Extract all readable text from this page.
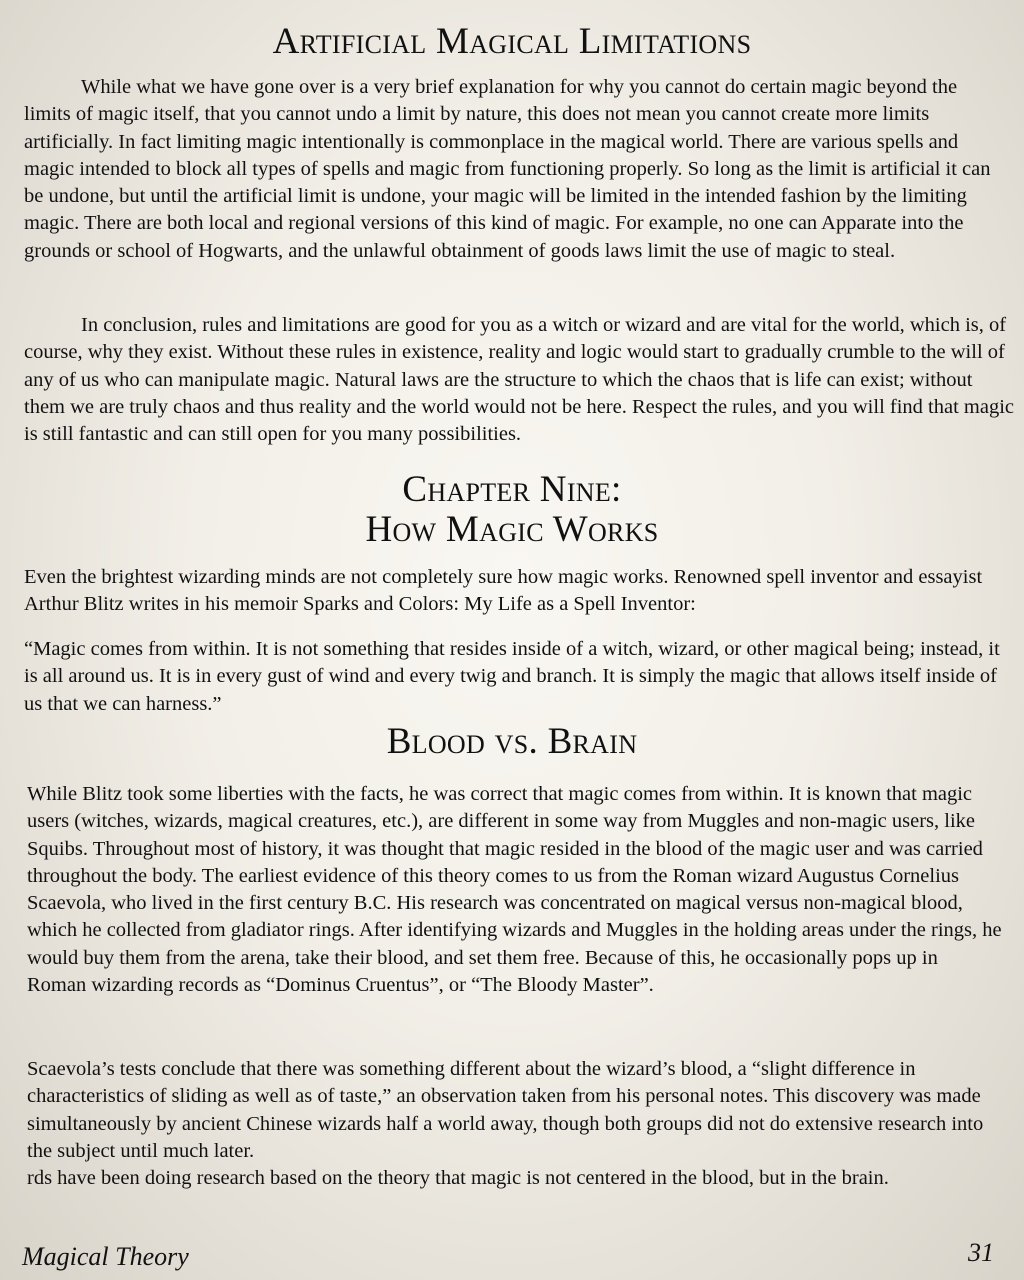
Artificial Magical Limitations

While what we have gone over is a very brief explanation for why you cannot do certain magic beyond the limits of magic itself, that you cannot undo a limit by nature, this does not mean you cannot create more limits artificially. In fact limiting magic intentionally is commonplace in the magical world. There are various spells and magic intended to block all types of spells and magic from functioning properly. So long as the limit is artificial it can be undone, but until the artificial limit is undone, your magic will be limited in the intended fashion by the limiting magic. There are both local and regional versions of this kind of magic. For example, no one can Apparate into the grounds or school of Hogwarts, and the unlawful obtainment of goods laws limit the use of magic to steal.

In conclusion, rules and limitations are good for you as a witch or wizard and are vital for the world, which is, of course, why they exist. Without these rules in existence, reality and logic would start to gradually crumble to the will of any of us who can manipulate magic. Natural laws are the structure to which the chaos that is life can exist; without them we are truly chaos and thus reality and the world would not be here. Respect the rules, and you will find that magic is still fantastic and can still open for you many possibilities.

Chapter Nine:
How Magic Works

Even the brightest wizarding minds are not completely sure how magic works. Renowned spell inventor and essayist Arthur Blitz writes in his memoir Sparks and Colors: My Life as a Spell Inventor:

“Magic comes from within. It is not something that resides inside of a witch, wizard, or other magical being; instead, it is all around us. It is in every gust of wind and every twig and branch. It is simply the magic that allows itself inside of us that we can harness.”

Blood vs. Brain

While Blitz took some liberties with the facts, he was correct that magic comes from within. It is known that magic users (witches, wizards, magical creatures, etc.), are different in some way from Muggles and non-magic users, like Squibs. Throughout most of history, it was thought that magic resided in the blood of the magic user and was carried throughout the body. The earliest evidence of this theory comes to us from the Roman wizard Augustus Cornelius Scaevola, who lived in the first century B.C. His research was concentrated on magical versus non-magical blood, which he collected from gladiator rings. After identifying wizards and Muggles in the holding areas under the rings, he would buy them from the arena, take their blood, and set them free. Because of this, he occasionally pops up in Roman wizarding records as “Dominus Cruentus”, or “The Bloody Master”.

Scaevola’s tests conclude that there was something different about the wizard’s blood, a “slight difference in characteristics of sliding as well as of taste,” an observation taken from his personal notes. This discovery was made simultaneously by ancient Chinese wizards half a world away, though both groups did not do extensive research into the subject until much later.

rds have been doing research based on the theory that magic is not centered in the blood, but in the brain.

Magical Theory	31
